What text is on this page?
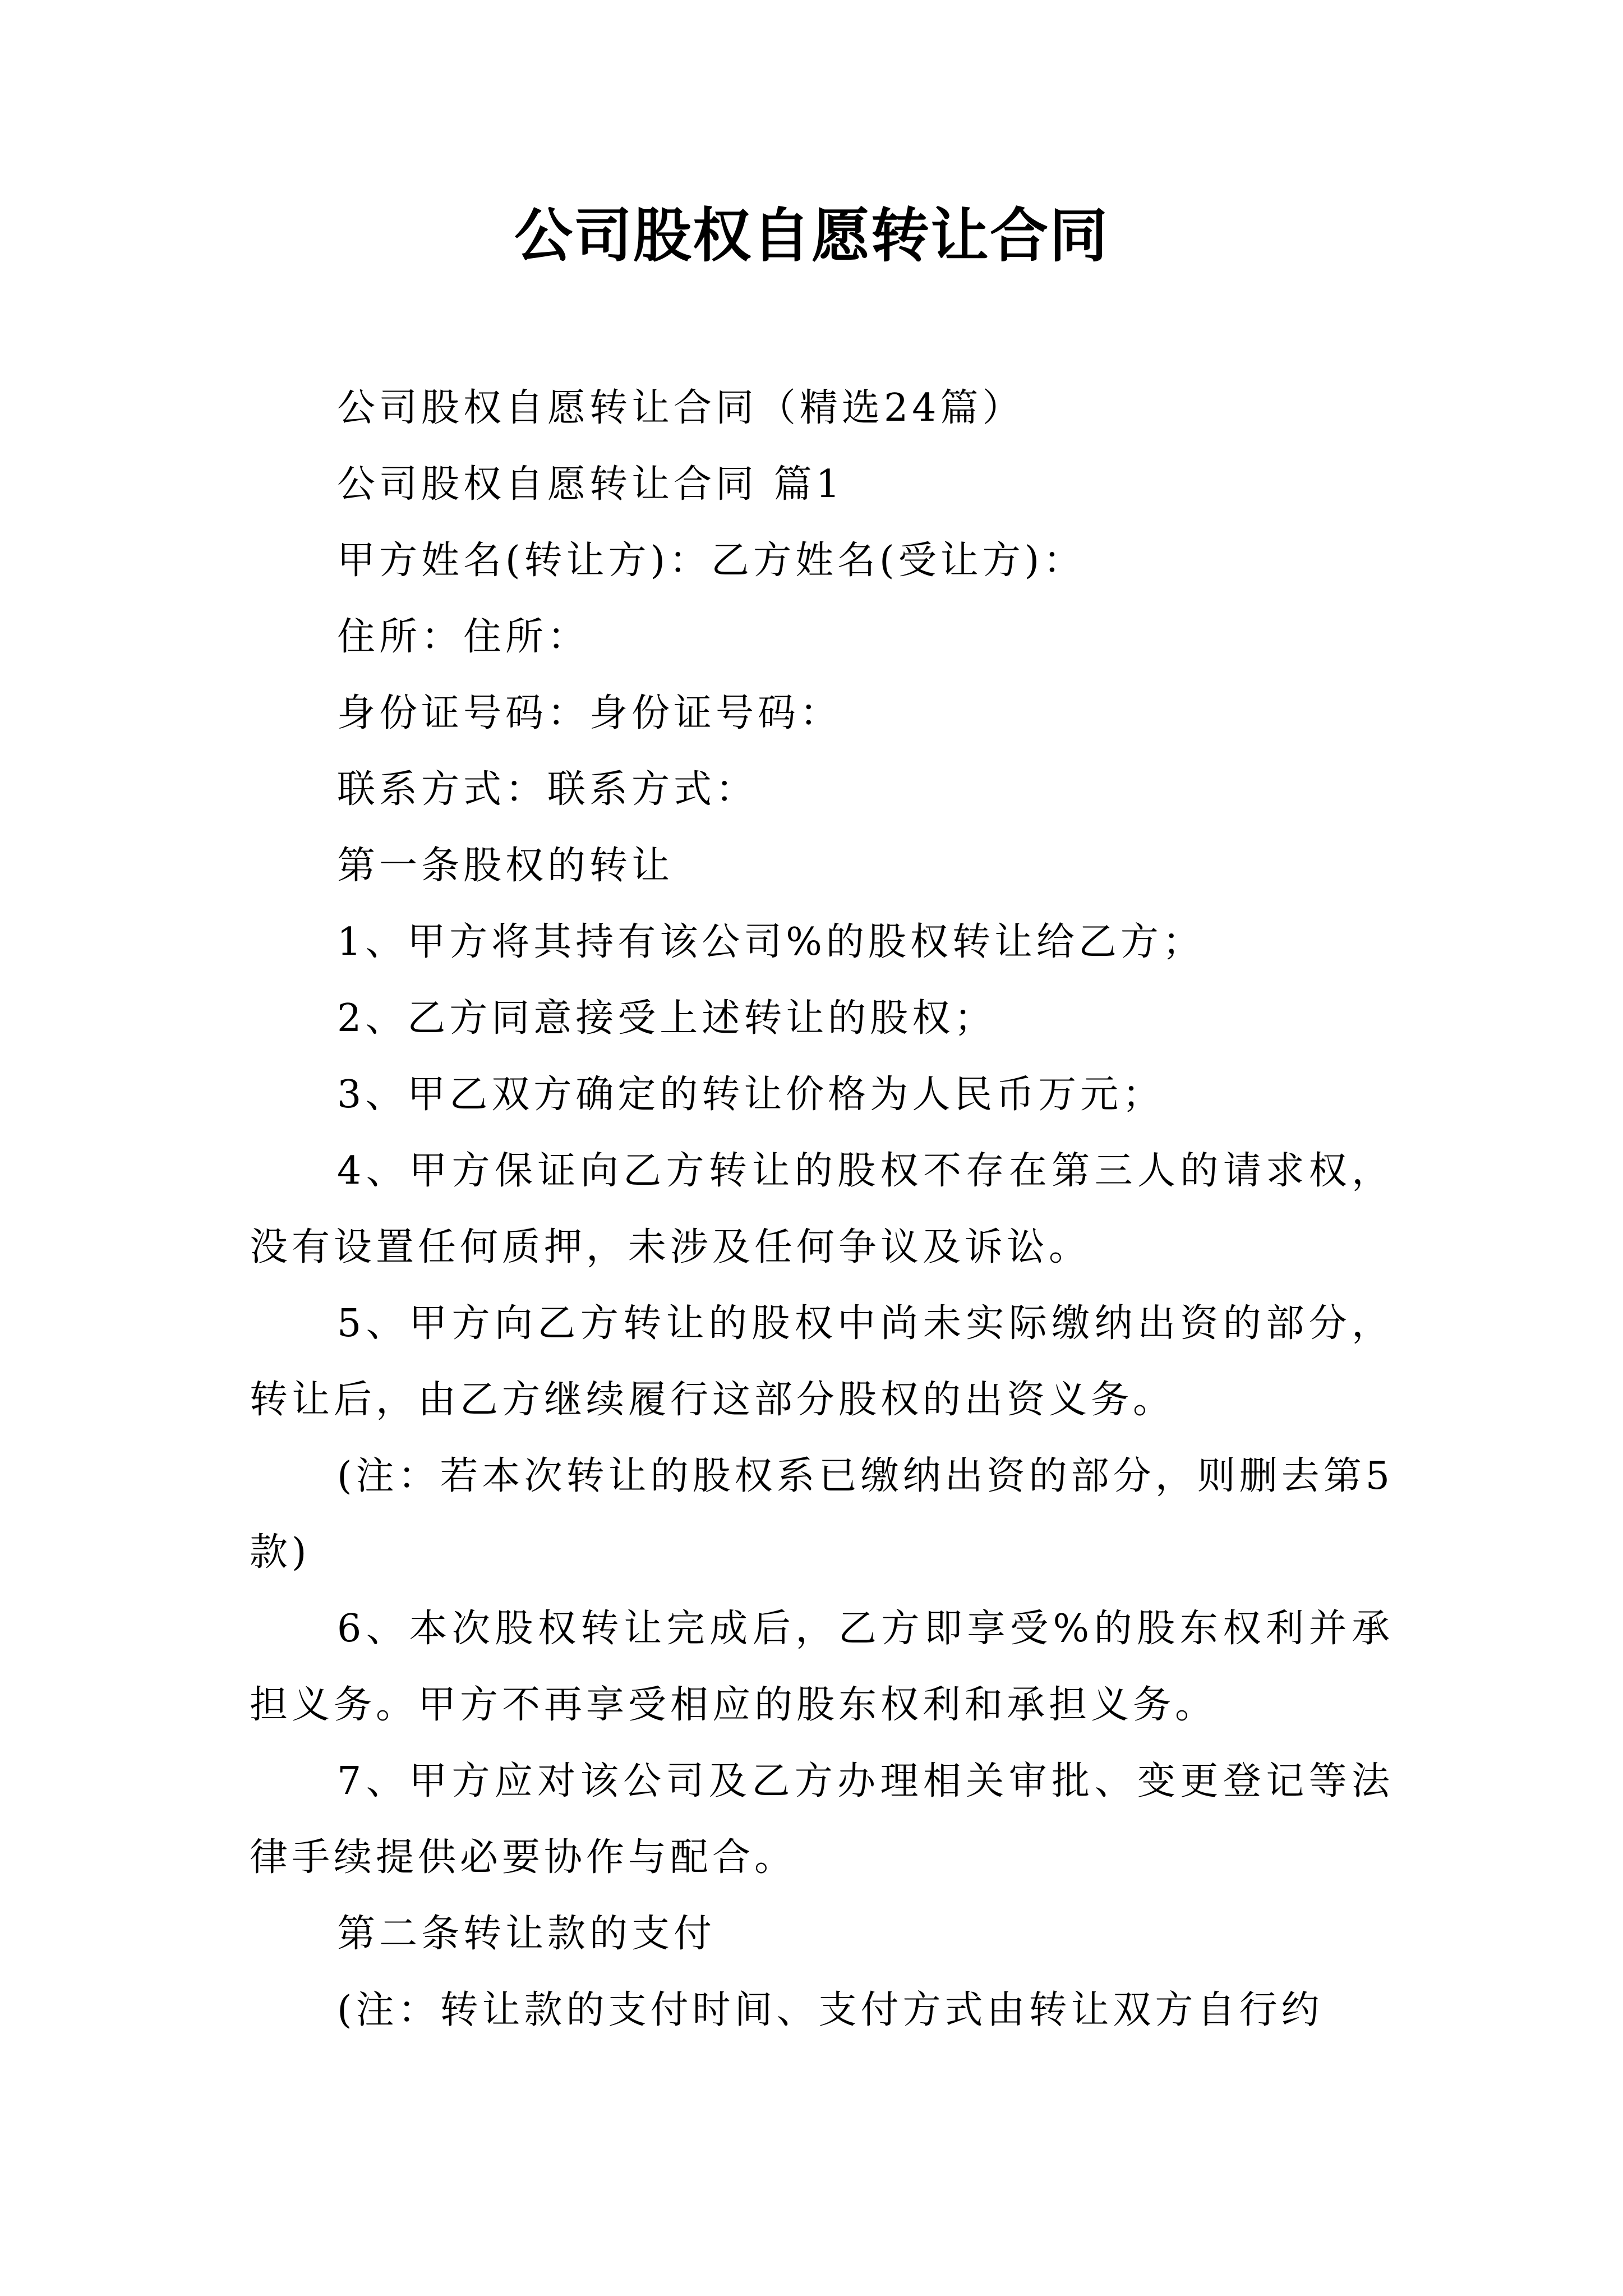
公司股权自愿转让合同

公司股权自愿转让合同（精选24篇）

公司股权自愿转让合同 篇1

甲方姓名(转让方)：乙方姓名(受让方)：

住所：住所：

身份证号码：身份证号码：

联系方式：联系方式：

第一条股权的转让

1、甲方将其持有该公司%的股权转让给乙方；

2、乙方同意接受上述转让的股权；

3、甲乙双方确定的转让价格为人民币万元；

4、甲方保证向乙方转让的股权不存在第三人的请求权，没有设置任何质押，未涉及任何争议及诉讼。

5、甲方向乙方转让的股权中尚未实际缴纳出资的部分，转让后，由乙方继续履行这部分股权的出资义务。

(注：若本次转让的股权系已缴纳出资的部分，则删去第5款)

6、本次股权转让完成后，乙方即享受%的股东权利并承担义务。甲方不再享受相应的股东权利和承担义务。

7、甲方应对该公司及乙方办理相关审批、变更登记等法律手续提供必要协作与配合。

第二条转让款的支付

(注：转让款的支付时间、支付方式由转让双方自行约
